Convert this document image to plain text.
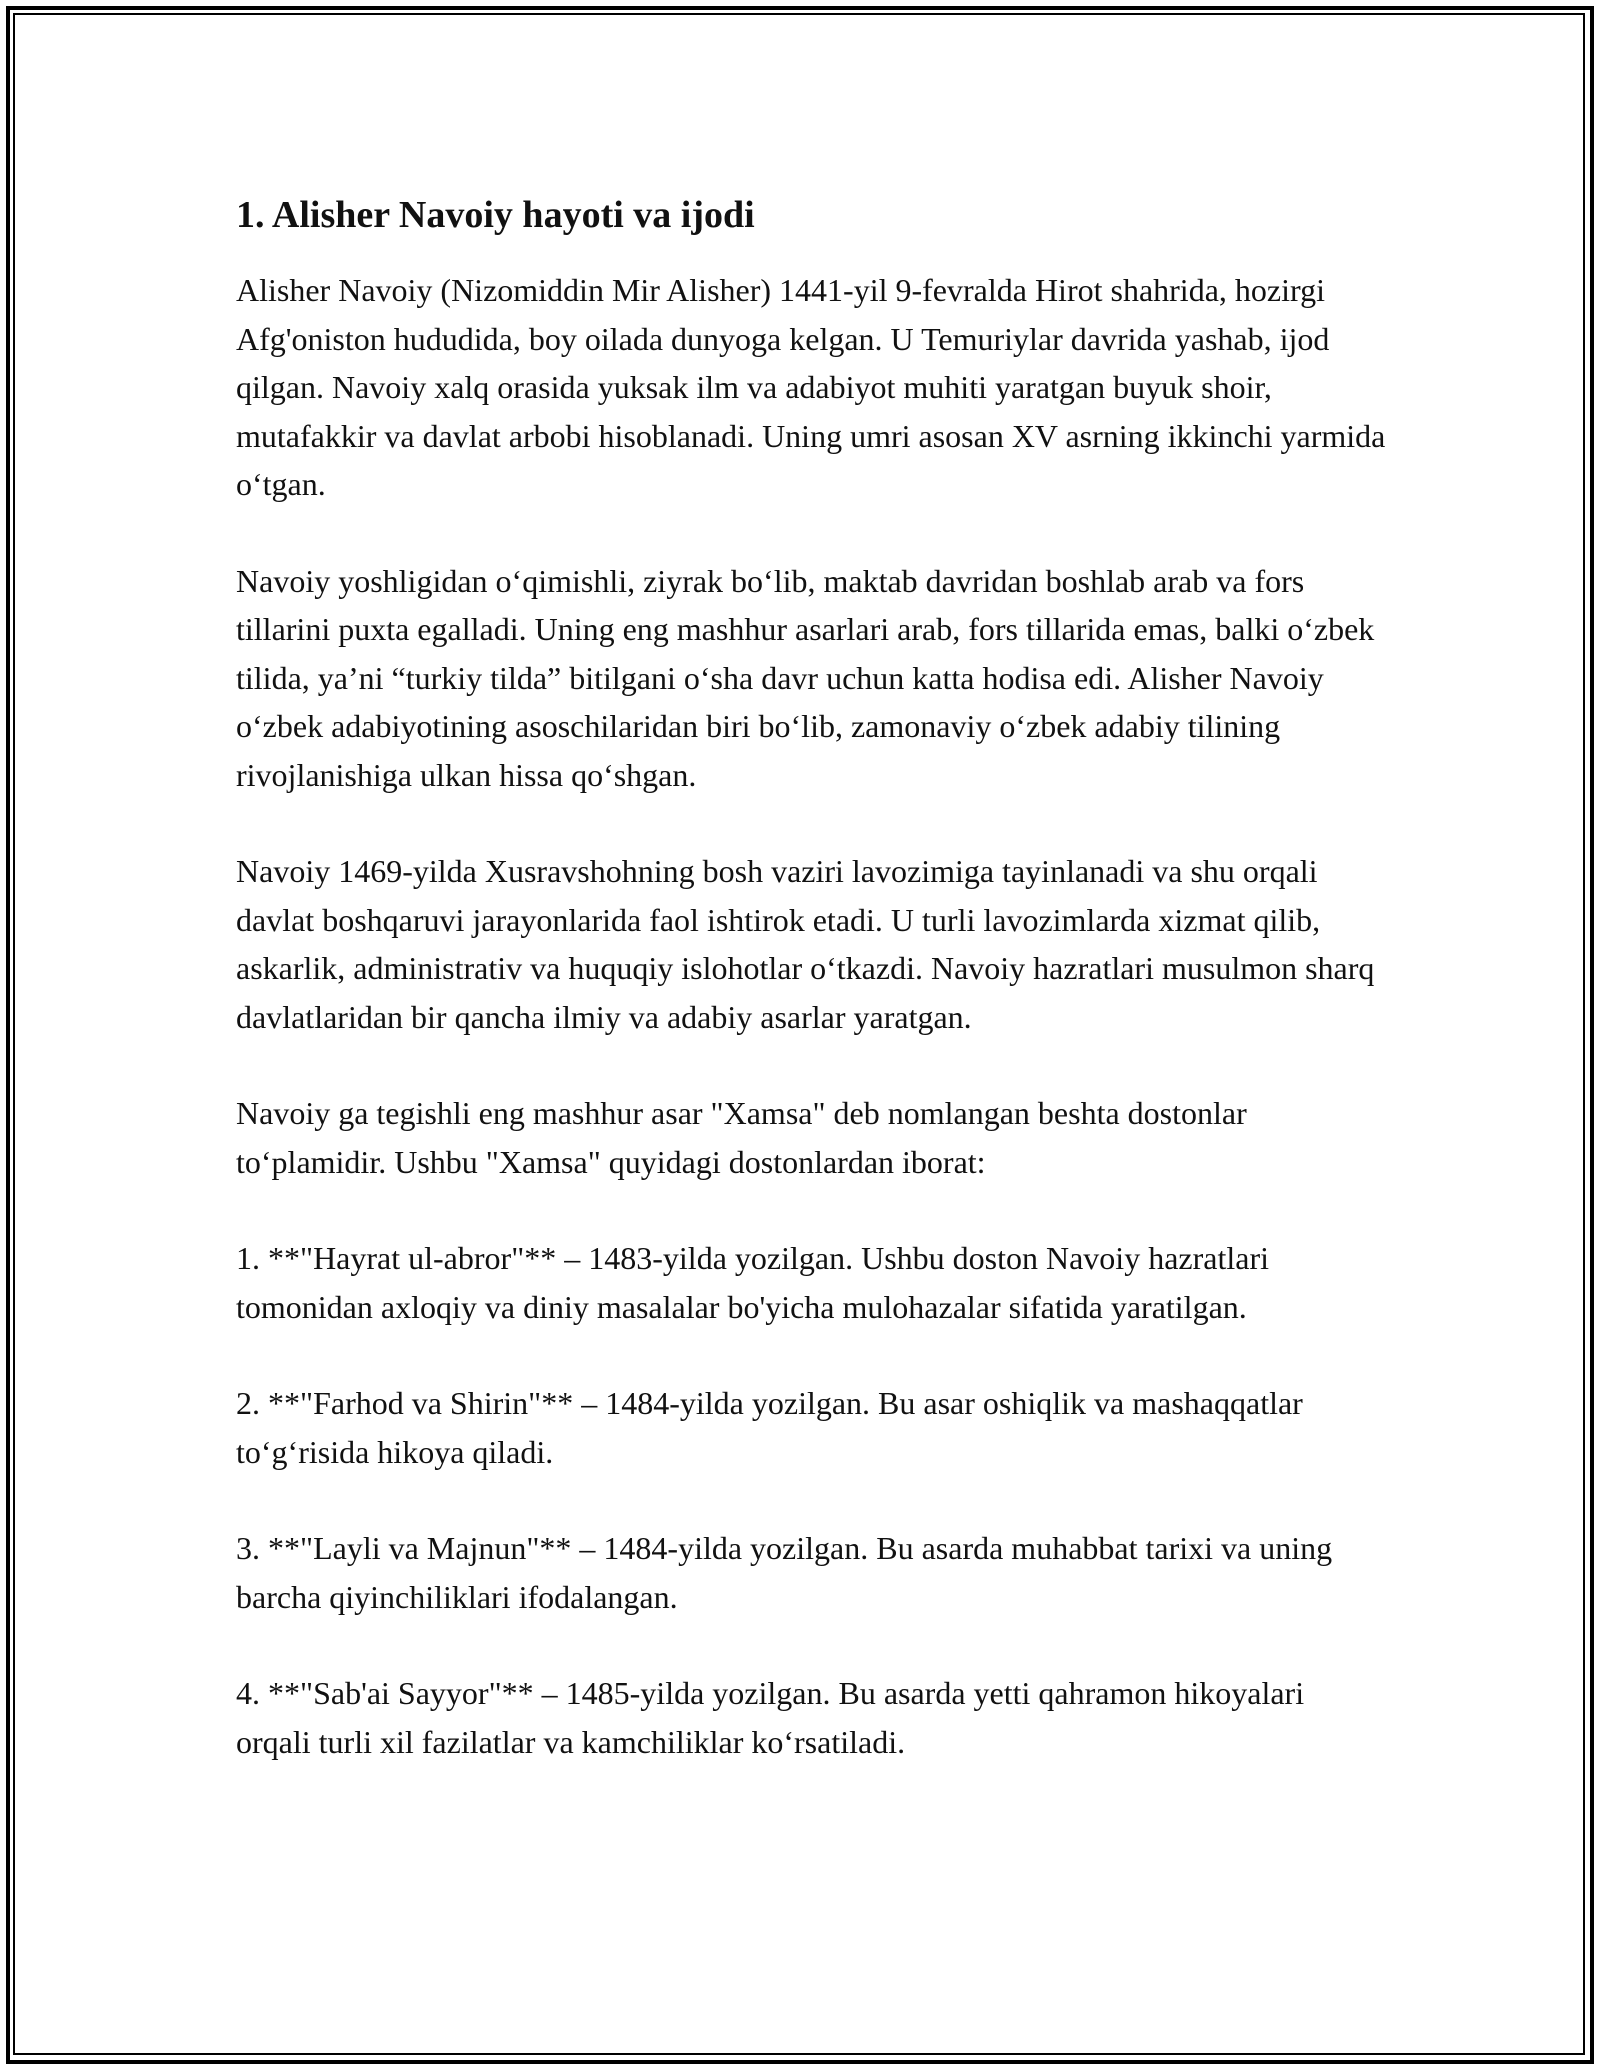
1. Alisher Navoiy hayoti va ijodi

Alisher Navoiy (Nizomiddin Mir Alisher) 1441-yil 9-fevralda Hirot shahrida, hozirgi Afg'oniston hududida, boy oilada dunyoga kelgan. U Temuriylar davrida yashab, ijod qilgan. Navoiy xalq orasida yuksak ilm va adabiyot muhiti yaratgan buyuk shoir, mutafakkir va davlat arbobi hisoblanadi. Uning umri asosan XV asrning ikkinchi yarmida o‘tgan.

Navoiy yoshligidan o‘qimishli, ziyrak bo‘lib, maktab davridan boshlab arab va fors tillarini puxta egalladi. Uning eng mashhur asarlari arab, fors tillarida emas, balki o‘zbek tilida, ya’ni “turkiy tilda” bitilgani o‘sha davr uchun katta hodisa edi. Alisher Navoiy o‘zbek adabiyotining asoschilaridan biri bo‘lib, zamonaviy o‘zbek adabiy tilining rivojlanishiga ulkan hissa qo‘shgan.

Navoiy 1469-yilda Xusravshohning bosh vaziri lavozimiga tayinlanadi va shu orqali davlat boshqaruvi jarayonlarida faol ishtirok etadi. U turli lavozimlarda xizmat qilib, askarlik, administrativ va huquqiy islohotlar o‘tkazdi. Navoiy hazratlari musulmon sharq davlatlaridan bir qancha ilmiy va adabiy asarlar yaratgan.

Navoiy ga tegishli eng mashhur asar "Xamsa" deb nomlangan beshta dostonlar to‘plamidir. Ushbu "Xamsa" quyidagi dostonlardan iborat:

1. **"Hayrat ul-abror"** – 1483-yilda yozilgan. Ushbu doston Navoiy hazratlari tomonidan axloqiy va diniy masalalar bo'yicha mulohazalar sifatida yaratilgan.

2. **"Farhod va Shirin"** – 1484-yilda yozilgan. Bu asar oshiqlik va mashaqqatlar to‘g‘risida hikoya qiladi.

3. **"Layli va Majnun"** – 1484-yilda yozilgan. Bu asarda muhabbat tarixi va uning barcha qiyinchiliklari ifodalangan.

4. **"Sab'ai Sayyor"** – 1485-yilda yozilgan. Bu asarda yetti qahramon hikoyalari orqali turli xil fazilatlar va kamchiliklar ko‘rsatiladi.
